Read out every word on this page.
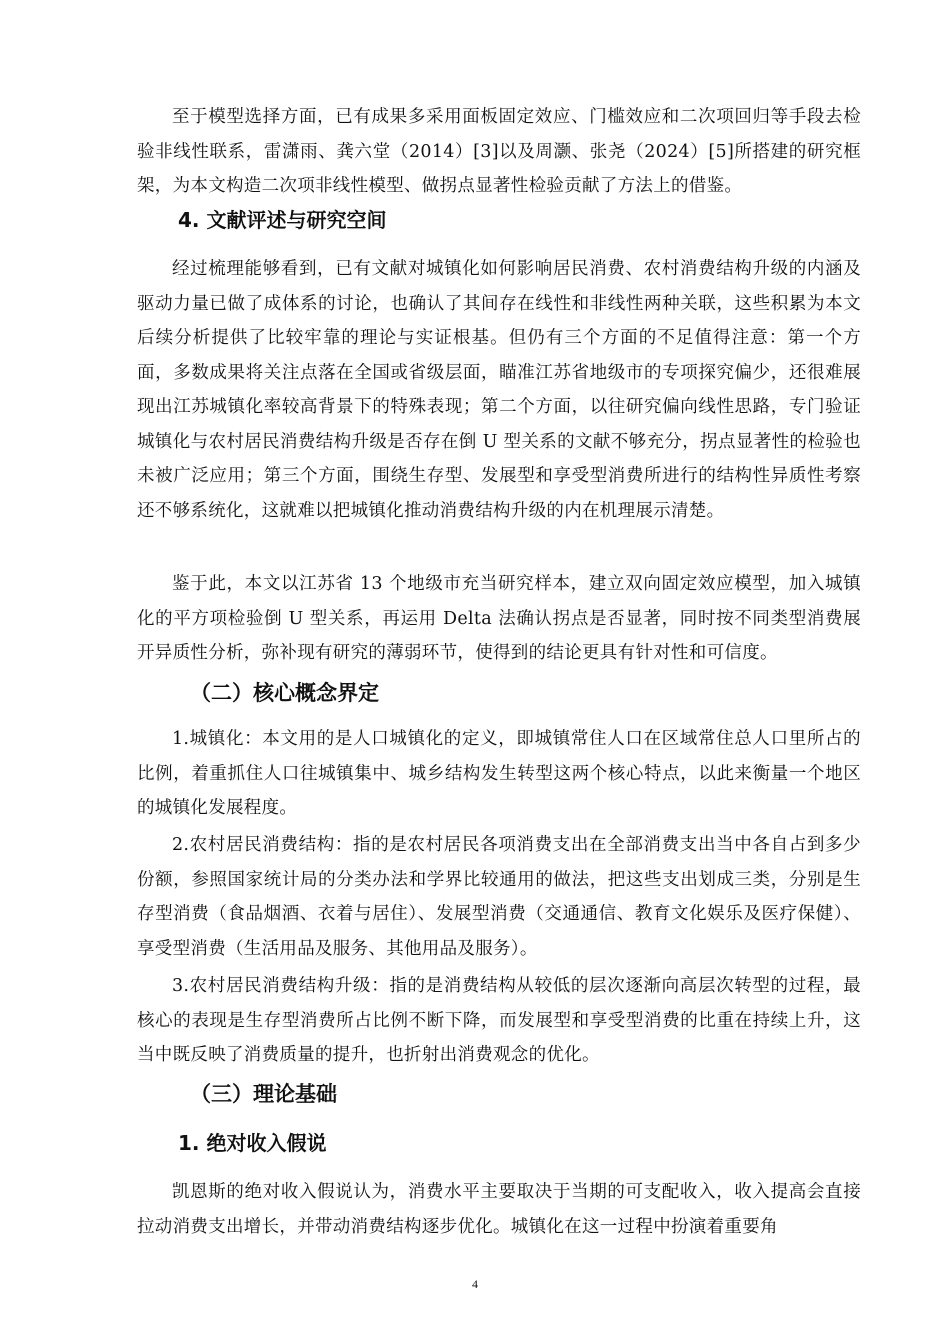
至于模型选择方面，已有成果多采用面板固定效应、门槛效应和二次项回归等手段去检验非线性联系，雷潇雨、龚六堂（2014）[3]以及周灏、张尧（2024）[5]所搭建的研究框架，为本文构造二次项非线性模型、做拐点显著性检验贡献了方法上的借鉴。

4. 文献评述与研究空间

经过梳理能够看到，已有文献对城镇化如何影响居民消费、农村消费结构升级的内涵及驱动力量已做了成体系的讨论，也确认了其间存在线性和非线性两种关联，这些积累为本文后续分析提供了比较牢靠的理论与实证根基。但仍有三个方面的不足值得注意：第一个方面，多数成果将关注点落在全国或省级层面，瞄准江苏省地级市的专项探究偏少，还很难展现出江苏城镇化率较高背景下的特殊表现；第二个方面，以往研究偏向线性思路，专门验证城镇化与农村居民消费结构升级是否存在倒 U 型关系的文献不够充分，拐点显著性的检验也未被广泛应用；第三个方面，围绕生存型、发展型和享受型消费所进行的结构性异质性考察还不够系统化，这就难以把城镇化推动消费结构升级的内在机理展示清楚。

鉴于此，本文以江苏省 13 个地级市充当研究样本，建立双向固定效应模型，加入城镇化的平方项检验倒 U 型关系，再运用 Delta 法确认拐点是否显著，同时按不同类型消费展开异质性分析，弥补现有研究的薄弱环节，使得到的结论更具有针对性和可信度。

（二）核心概念界定

1.城镇化：本文用的是人口城镇化的定义，即城镇常住人口在区域常住总人口里所占的比例，着重抓住人口往城镇集中、城乡结构发生转型这两个核心特点，以此来衡量一个地区的城镇化发展程度。

2.农村居民消费结构：指的是农村居民各项消费支出在全部消费支出当中各自占到多少份额，参照国家统计局的分类办法和学界比较通用的做法，把这些支出划成三类，分别是生存型消费（食品烟酒、衣着与居住）、发展型消费（交通通信、教育文化娱乐及医疗保健）、享受型消费（生活用品及服务、其他用品及服务）。

3.农村居民消费结构升级：指的是消费结构从较低的层次逐渐向高层次转型的过程，最核心的表现是生存型消费所占比例不断下降，而发展型和享受型消费的比重在持续上升，这当中既反映了消费质量的提升，也折射出消费观念的优化。

（三）理论基础
1. 绝对收入假说

凯恩斯的绝对收入假说认为，消费水平主要取决于当期的可支配收入，收入提高会直接拉动消费支出增长，并带动消费结构逐步优化。城镇化在这一过程中扮演着重要角

4
